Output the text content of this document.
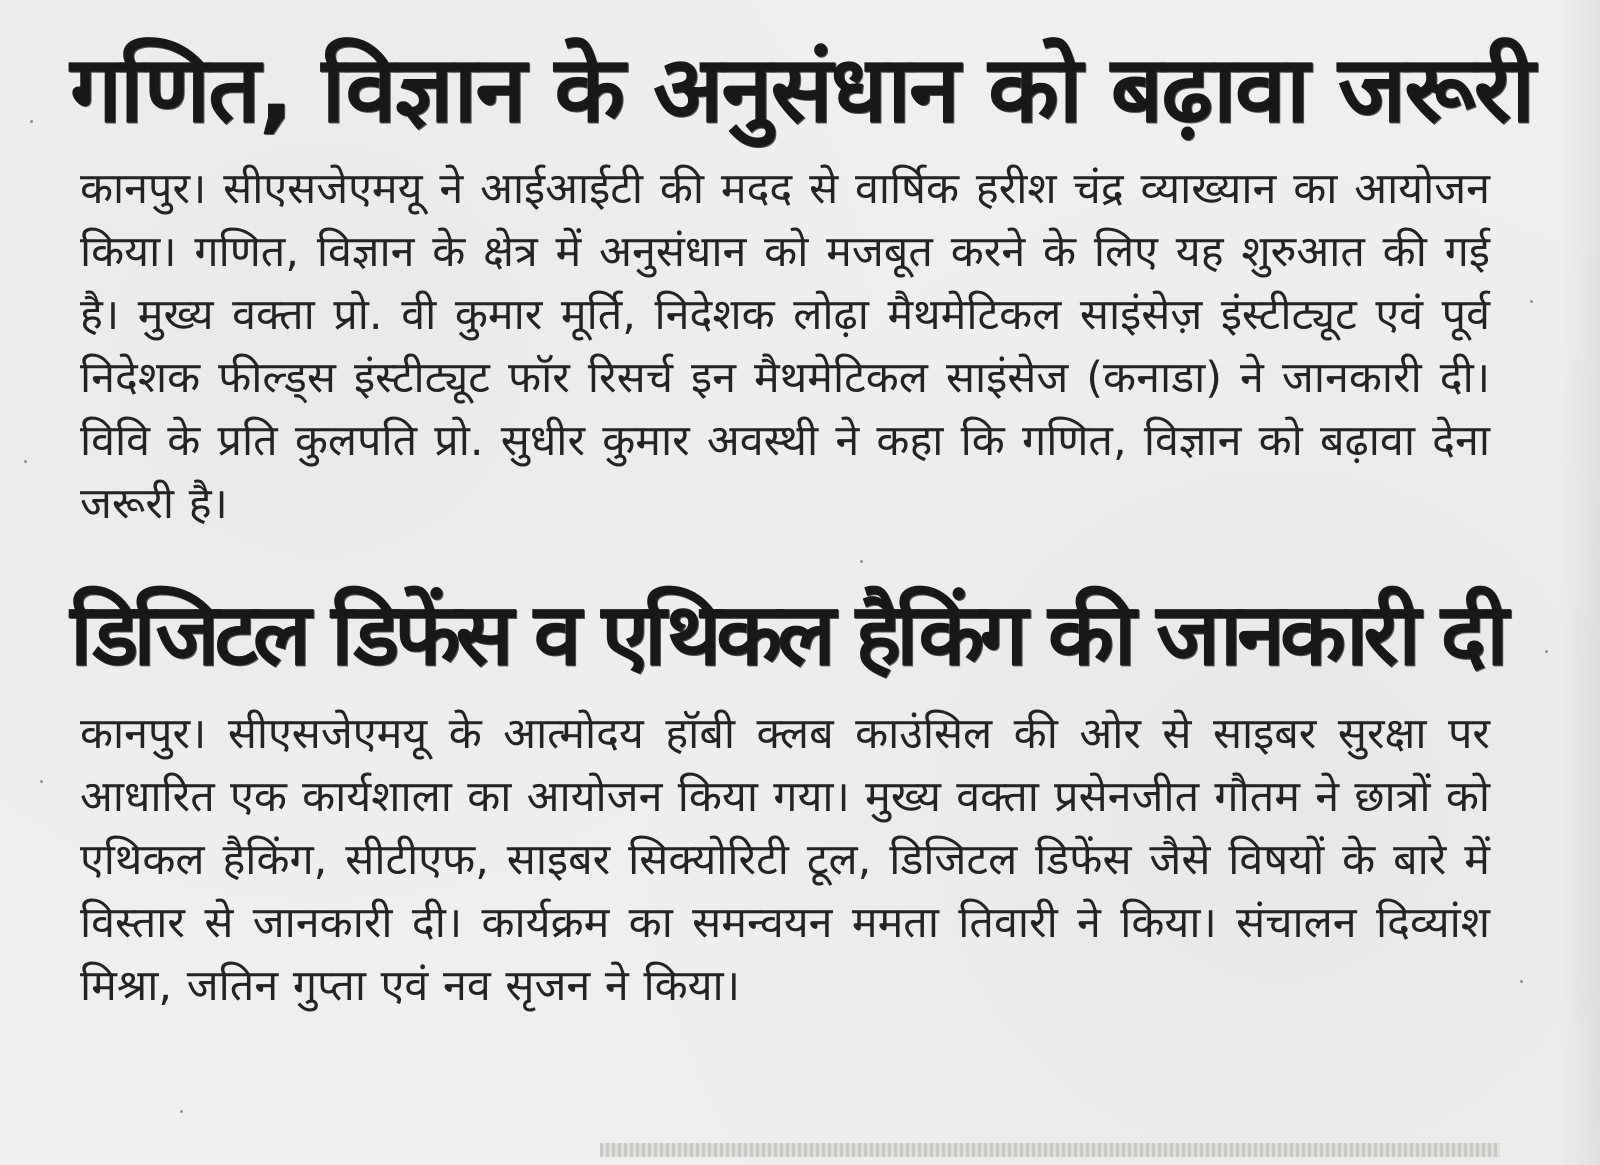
गणित, विज्ञान के अनुसंधान को बढ़ावा जरूरी

कानपुर। सीएसजेएमयू ने आईआईटी की मदद से वार्षिक हरीश चंद्र व्याख्यान का आयोजन किया। गणित, विज्ञान के क्षेत्र में अनुसंधान को मजबूत करने के लिए यह शुरुआत की गई है। मुख्य वक्ता प्रो. वी कुमार मूर्ति, निदेशक लोढ़ा मैथमेटिकल साइंसेज़ इंस्टीट्यूट एवं पूर्व निदेशक फील्ड्स इंस्टीट्यूट फॉर रिसर्च इन मैथमेटिकल साइंसेज (कनाडा) ने जानकारी दी। विवि के प्रति कुलपति प्रो. सुधीर कुमार अवस्थी ने कहा कि गणित, विज्ञान को बढ़ावा देना जरूरी है।

डिजिटल डिफेंस व एथिकल हैकिंग की जानकारी दी

कानपुर। सीएसजेएमयू के आत्मोदय हॉबी क्लब काउंसिल की ओर से साइबर सुरक्षा पर आधारित एक कार्यशाला का आयोजन किया गया। मुख्य वक्ता प्रसेनजीत गौतम ने छात्रों को एथिकल हैकिंग, सीटीएफ, साइबर सिक्योरिटी टूल, डिजिटल डिफेंस जैसे विषयों के बारे में विस्तार से जानकारी दी। कार्यक्रम का समन्वयन ममता तिवारी ने किया। संचालन दिव्यांश मिश्रा, जतिन गुप्ता एवं नव सृजन ने किया।
